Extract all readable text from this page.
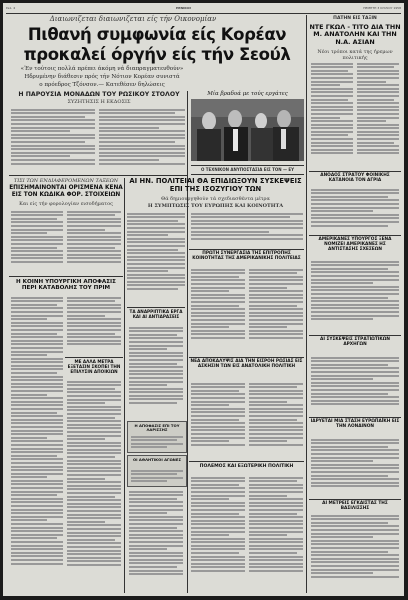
Σελ. 4	ΕΘΝΙΚΟΣ	ΠΕΜΠΤΗ 3 ΙΟΥΛΙΟΥ 1958
Διαιωνιζεται διαιωνιζεται είς τήν Οικονομίαν
Πιθανή συμφωνία είς Κορέαν
προκαλεί όργήν είς τήν Σεούλ
«Έν τούτοις πολλά πρέπει άκόμη νά διαπραγματευθούν»
Ηδρυμένην διάθεσιν πρός τήν Νότιον Κορέαν συνιστά
ο πρόεδρος Τζόνσον.— Κατεθέσεν δηλώσεις
Η ΠΑΡΟΥΣΙΑ ΜΟΝΑΔΩΝ ΤΟΥ ΡΩΣΙΚΟΥ ΣΤΟΛΟΥ
ΣΥΖΗΤΗΣΙΣ Η ΕΚΔΟΣΙΣ
Μία βραδυά με τούς εργάτες
Ο ΤΕΧΝΙΚΟΝ ΑΝΥΠΟΣΤΑΣΙΑ ΕΙΣ ΤΟΝ — ΕΥ
ΑΙ ΗΝ. ΠΟΛΙΤΕΙΑΙ ΘΑ ΕΠΙΔΙΩΞΟΥΝ ΣΥΣΚΕΨΕΙΣ ΕΠΙ ΤΗΣ ΙΣΟΖΥΓΙΟΥ ΤΩΝ
Θά δημιουργηθούν τά σχεδιασθέντα μέτρα
Η ΣΥΜΠΤΩΣΙΣ ΤΟΥ ΕΥΡΩΠΗΣ ΚΑΙ ΚΟΙΝΟΤΗΤΑ
ΠΑΤΗΝ ΕΙΣ ΤΑΞΙΝ
ΝΤΕ ΓΚΩΛ - ΤΙΤΟ ΔΙΑ ΤΗΝ Μ. ΑΝΑΤΟΛΗΝ ΚΑΙ ΤΗΝ Ν.Α. ΑΣΙΑΝ
Νέοι τρόποι κατά της ήρεμων πολιτικής
ΑΝΟΔΟΣ ΣΤΡΑΤΟΥ ΦΟΙΝΙΚΗΣ ΚΑΤΑΝΟΙΑ ΤΟΝ ΑΓΡΙΑ
ΑΜΕΡΙΚΑΝΕΣ ΥΠΟΥΡΓΟΣ ΞΕΝΑ ΝΟΜΙΖΕΙ ΑΜΕΡΙΚΑΝΕΣ ΗΣ ΑΝΤΙΣΤΑΣΗΣ ΣΧΕΣΕΩΝ
ΑΙ ΣΥΣΚΕΨΕΙΣ ΣΤΡΑΤΙΩΤΙΚΩΝ ΑΡΧΗΓΩΝ
ΙΔΡΥΕΤΑΙ ΜΙΑ ΣΤΑΣΗ ΕΥΡΩΠΑΪΚΗ ΕΙΣ ΤΗΝ ΛΟΝΔΙΝΟΝ
ΑΙ ΜΕΤΡΕΙΣ ΕΓΚΑΙΣΤΑΣ ΤΗΣ ΒΑΣΙΛΙΣΣΗΣ
ΤΙΣΙ ΤΩΝ ΕΝΔΙΑΦΕΡΟΜΕΝΩΝ ΤΑΞΕΩΝ
ΕΠΙΣΗΜΑΙΝΟΝΤΑΙ ΟΡΙΣΜΕΝΑ ΚΕΝΑ ΕΙΣ ΤΟΝ ΚΩΔΙΚΑ ΦΟΡ. ΣΤΟΙΧΕΙΩΝ
Και είς τήν φορολογίαν εισοδήματος
Η ΚΟΙΝΗ ΥΠΟΥΡΓΙΚΗ ΑΠΟΦΑΣΙΣ ΠΕΡΙ ΚΑΤΑΒΟΛΗΣ ΤΟΥ ΠΡΙΜ
ΜΕ ΑΛΛΑ ΜΕΤΡΑ ΕΞΕΤΑΣΙΝ ΣΚΟΠΕΙ ΤΗΝ ΕΠΙΛΥΣΙΝ ΑΠΟΙΚΙΩΝ
ΠΡΩΤΗ ΣΥΝΕΡΓΑΣΙΑ ΤΗΣ ΕΠΙΤΡΟΠΗΣ ΚΟΙΝΟΤΗΤΑΣ ΤΗΣ ΑΜΕΡΙΚΑΝΙΚΗΣ ΠΟΛΙΤΕΙΑΣ
ΤΑ ΑΝΑΡΡΙΠΤΙΚΑ ΕΡΓΑ ΚΑΙ ΑΙ ΑΝΤΙΔΡΑΣΕΙΣ
ΝΕΑ ΑΠΟΚΑΛΥΨΙΣ ΔΙΑ ΤΗΝ ΕΙΣΡΟΗ ΡΩΣΙΑΣ ΕΙΣ ΑΣΚΗΣΙΝ ΤΩΝ ΕΙΣ ΑΝΑΤΟΛΙΚΗ ΠΟΛΙΤΙΚΗ
Η ΑΠΟΦΑΣΙΣ ΕΠΙ ΤΟΥ ΛΑΡΙΣΣΗΣ
ΟΙ ΑΘΛΗΤΙΚΟΙ ΑΓΩΝΕΣ
ΠΟΛΕΜΟΣ ΚΑΙ ΕΞΩΤΕΡΙΚΗ ΠΟΛΙΤΙΚΗ
